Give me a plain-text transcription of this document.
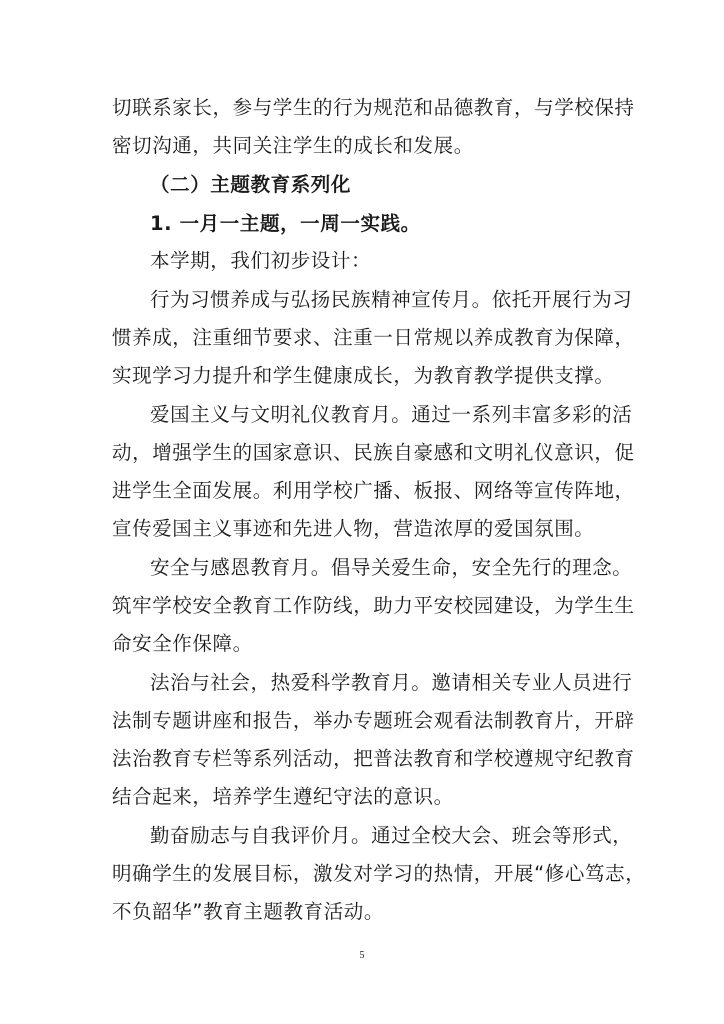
切联系家长，参与学生的行为规范和品德教育，与学校保持
密切沟通，共同关注学生的成长和发展。
（二）主题教育系列化
1. 一月一主题，一周一实践。
本学期，我们初步设计：
行为习惯养成与弘扬民族精神宣传月。依托开展行为习
惯养成，注重细节要求、注重一日常规以养成教育为保障，
实现学习力提升和学生健康成长，为教育教学提供支撑。
爱国主义与文明礼仪教育月。通过一系列丰富多彩的活
动，增强学生的国家意识、民族自豪感和文明礼仪意识，促
进学生全面发展。利用学校广播、板报、网络等宣传阵地，
宣传爱国主义事迹和先进人物，营造浓厚的爱国氛围。
安全与感恩教育月。倡导关爱生命，安全先行的理念。
筑牢学校安全教育工作防线，助力平安校园建设，为学生生
命安全作保障。
法治与社会，热爱科学教育月。邀请相关专业人员进行
法制专题讲座和报告，举办专题班会观看法制教育片，开辟
法治教育专栏等系列活动，把普法教育和学校遵规守纪教育
结合起来，培养学生遵纪守法的意识。
勤奋励志与自我评价月。通过全校大会、班会等形式，
明确学生的发展目标，激发对学习的热情，开展“修心笃志，
不负韶华”教育主题教育活动。
5
